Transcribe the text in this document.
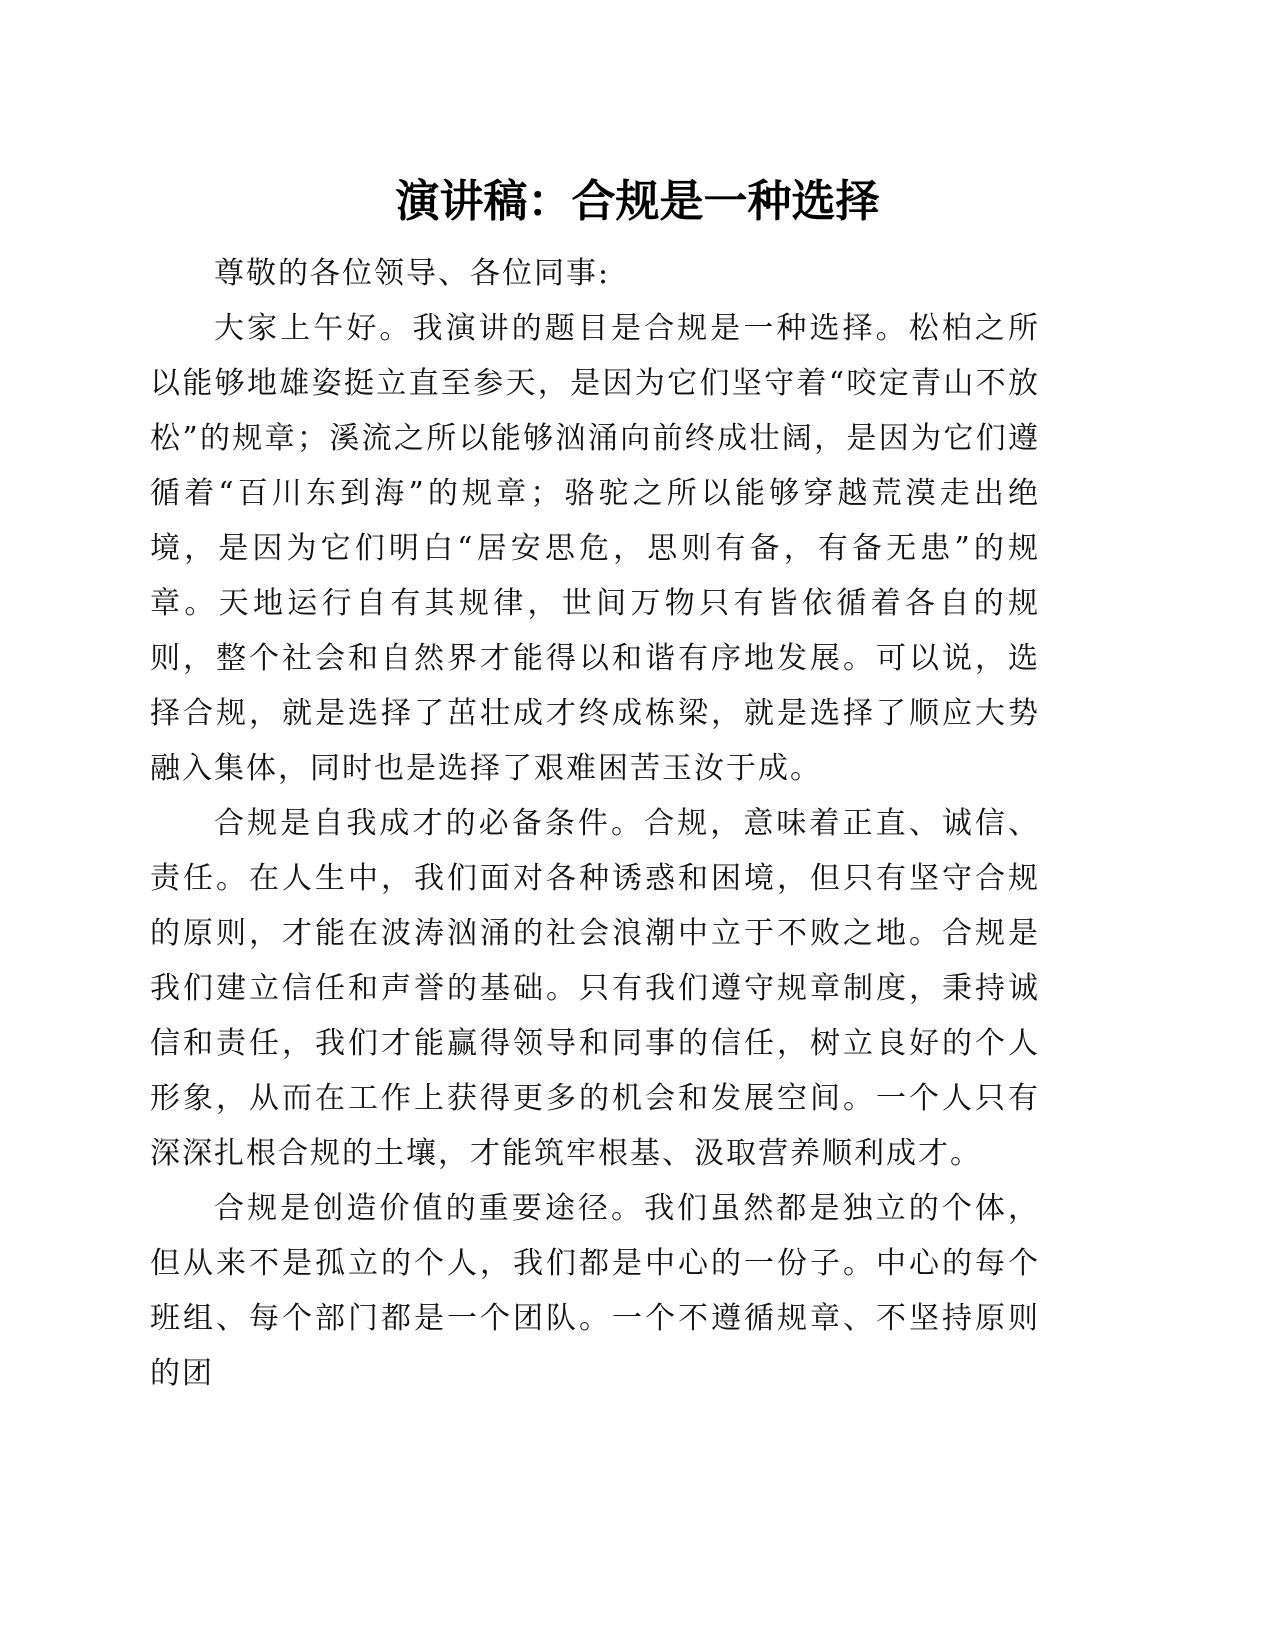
演讲稿：合规是一种选择

尊敬的各位领导、各位同事:

大家上午好。我演讲的题目是合规是一种选择。松柏之所以能够地雄姿挺立直至参天，是因为它们坚守着“咬定青山不放松”的规章；溪流之所以能够汹涌向前终成壮阔，是因为它们遵循着“百川东到海”的规章；骆驼之所以能够穿越荒漠走出绝境，是因为它们明白“居安思危，思则有备，有备无患”的规章。天地运行自有其规律，世间万物只有皆依循着各自的规则，整个社会和自然界才能得以和谐有序地发展。可以说，选择合规，就是选择了茁壮成才终成栋梁，就是选择了顺应大势融入集体，同时也是选择了艰难困苦玉汝于成。

合规是自我成才的必备条件。合规，意味着正直、诚信、责任。在人生中，我们面对各种诱惑和困境，但只有坚守合规的原则，才能在波涛汹涌的社会浪潮中立于不败之地。合规是我们建立信任和声誉的基础。只有我们遵守规章制度，秉持诚信和责任，我们才能赢得领导和同事的信任，树立良好的个人形象，从而在工作上获得更多的机会和发展空间。一个人只有深深扎根合规的土壤，才能筑牢根基、汲取营养顺利成才。

合规是创造价值的重要途径。我们虽然都是独立的个体，但从来不是孤立的个人，我们都是中心的一份子。中心的每个班组、每个部门都是一个团队。一个不遵循规章、不坚持原则的团
